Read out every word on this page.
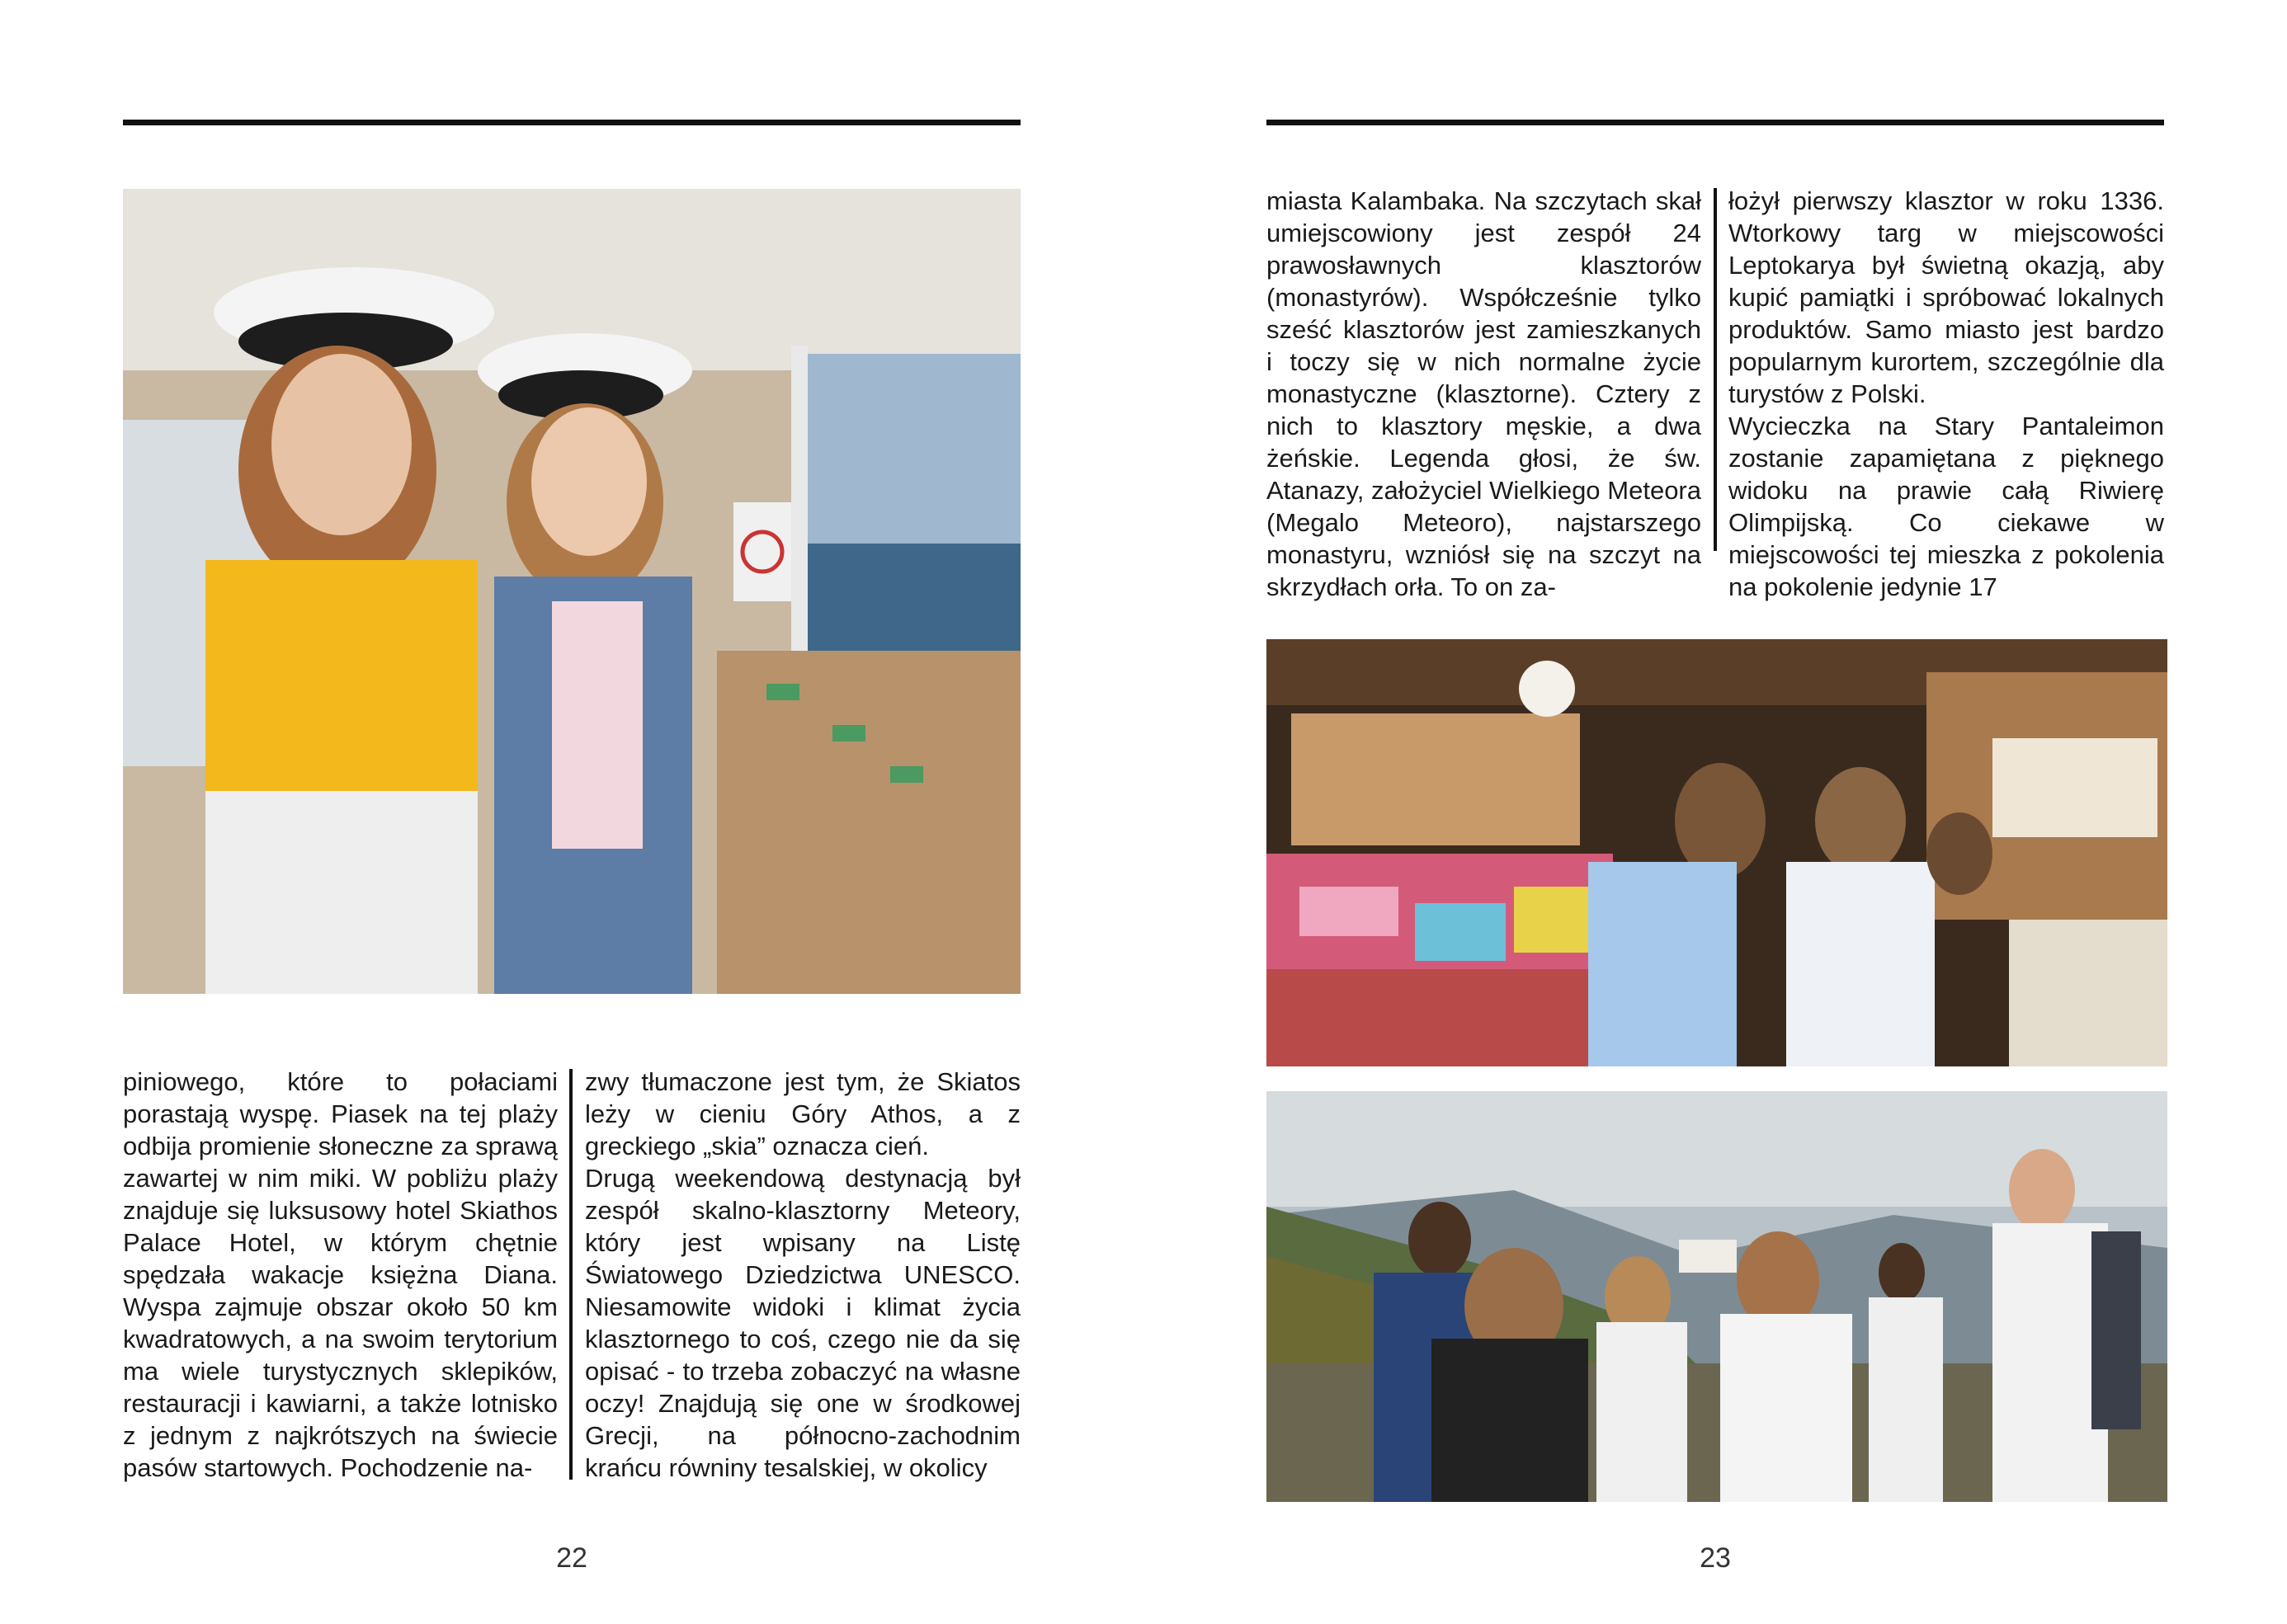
piniowego, które to połaciami porastają wyspę. Piasek na tej plaży odbija promienie słoneczne za sprawą zawartej w nim miki. W pobliżu plaży znajduje się luksusowy hotel Skiathos Palace Hotel, w którym chętnie spędzała wakacje księżna Diana. Wyspa zajmuje obszar około 50 km kwadratowych, a na swoim terytorium ma wiele turystycznych sklepików, restauracji i kawiarni, a także lotnisko z jednym z najkrótszych na świecie pasów startowych. Pochodzenie na-

zwy tłumaczone jest tym, że Skiatos leży w cieniu Góry Athos, a z greckiego „skia” oznacza cień.

Drugą weekendową destynacją był zespół skalno-klasztorny Meteory, który jest wpisany na Listę Światowego Dziedzictwa UNESCO. Niesamowite widoki i klimat życia klasztornego to coś, czego nie da się opisać - to trzeba zobaczyć na własne oczy! Znajdują się one w środkowej Grecji, na północno-zachodnim krańcu równiny tesalskiej, w okolicy

22

miasta Kalambaka. Na szczytach skał umiejscowiony jest zespół 24 prawosławnych klasztorów (monastyrów). Współcześnie tylko sześć klasztorów jest zamieszkanych i toczy się w nich normalne życie monastyczne (klasztorne). Cztery z nich to klasztory męskie, a dwa żeńskie. Legenda głosi, że św. Atanazy, założyciel Wielkiego Meteora (Megalo Meteoro), najstarszego monastyru, wzniósł się na szczyt na skrzydłach orła. To on za-

łożył pierwszy klasztor w roku 1336. Wtorkowy targ w miejscowości Leptokarya był świetną okazją, aby kupić pamiątki i spróbować lokalnych produktów. Samo miasto jest bardzo popularnym kurortem, szczególnie dla turystów z Polski.

Wycieczka na Stary Pantaleimon zostanie zapamiętana z pięknego widoku na prawie całą Riwierę Olimpijską. Co ciekawe w miejscowości tej mieszka z pokolenia na pokolenie jedynie 17

23
